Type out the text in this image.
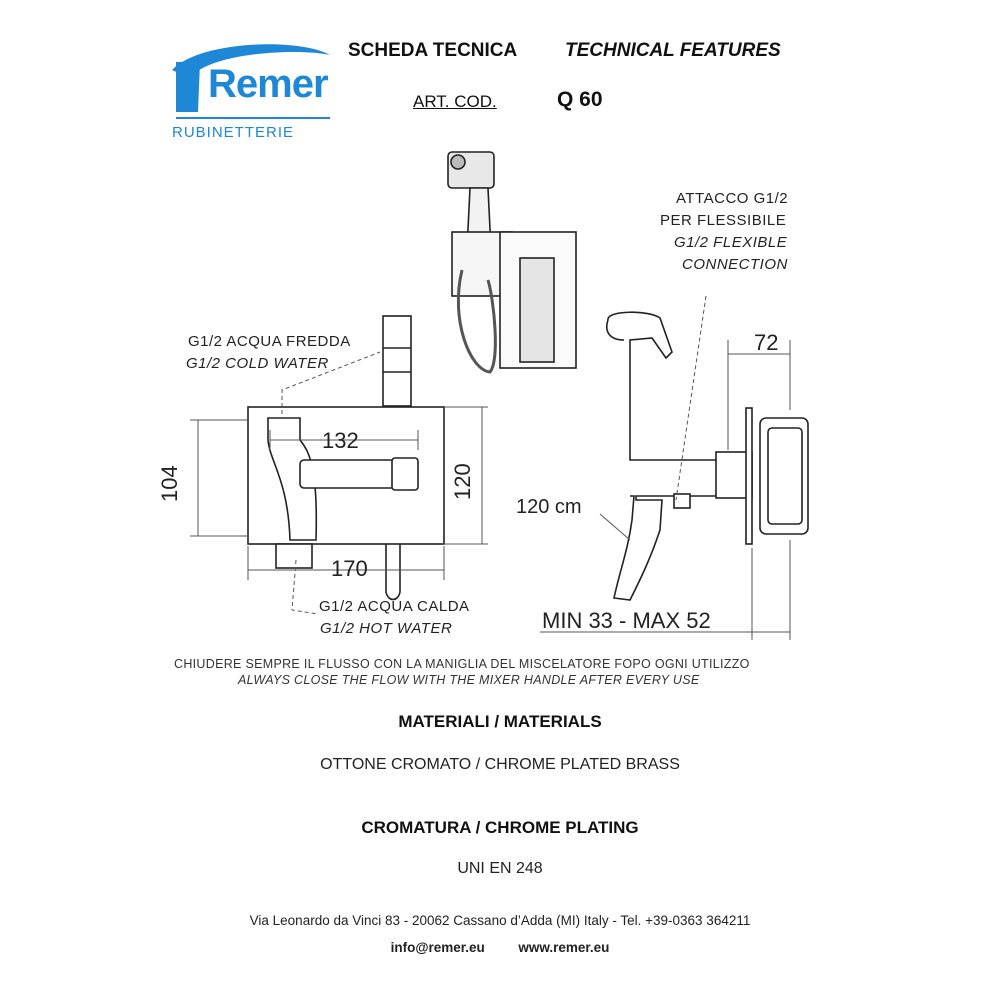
Remer
RUBINETTERIE
SCHEDA TECNICA	TECHNICAL FEATURES
ART. COD.	Q 60
ATTACCO G1/2
PER FLESSIBILE
G1/2 FLEXIBLE
CONNECTION
G1/2 ACQUA FREDDA
G1/2 COLD WATER
G1/2 ACQUA CALDA
G1/2 HOT WATER
72
132
104	120
170
120 cm
MIN 33 - MAX 52
CHIUDERE SEMPRE IL FLUSSO CON LA MANIGLIA DEL MISCELATORE FOPO OGNI UTILIZZO
ALWAYS CLOSE THE FLOW WITH THE MIXER HANDLE AFTER EVERY USE
MATERIALI / MATERIALS
OTTONE CROMATO / CHROME PLATED BRASS
CROMATURA / CHROME PLATING
UNI EN 248
Via Leonardo da Vinci 83 - 20062 Cassano d’Adda (MI) Italy - Tel. +39-0363 364211
info@remer.eu www.remer.eu
